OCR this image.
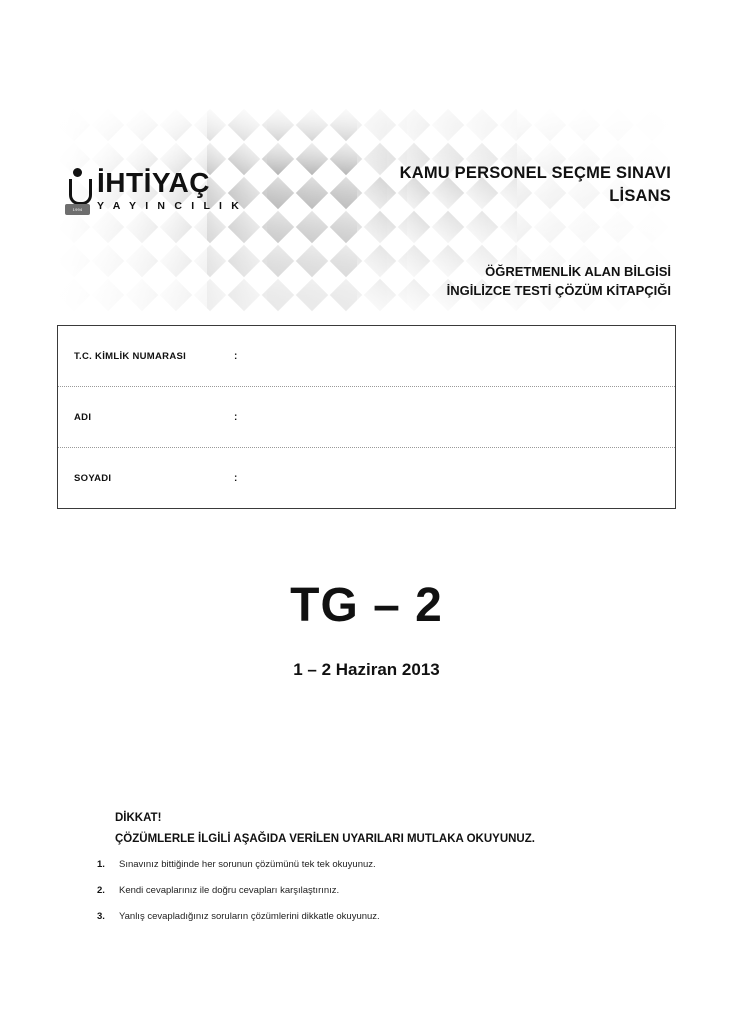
1994
İHTİYAÇ
Y A Y I N C I L I K
KAMU PERSONEL SEÇME SINAVI
LİSANS
ÖĞRETMENLİK ALAN BİLGİSİ
İNGİLİZCE TESTİ ÇÖZÜM KİTAPÇIĞI
T.C. KİMLİK NUMARASI	:
ADI	:
SOYADI	:
TG – 2
1 – 2 Haziran 2013
DİKKAT!
ÇÖZÜMLERLE İLGİLİ AŞAĞIDA VERİLEN UYARILARI MUTLAKA OKUYUNUZ.
1.	Sınavınız bittiğinde her sorunun çözümünü tek tek okuyunuz.
2.	Kendi cevaplarınız ile doğru cevapları karşılaştırınız.
3.	Yanlış cevapladığınız soruların çözümlerini dikkatle okuyunuz.
